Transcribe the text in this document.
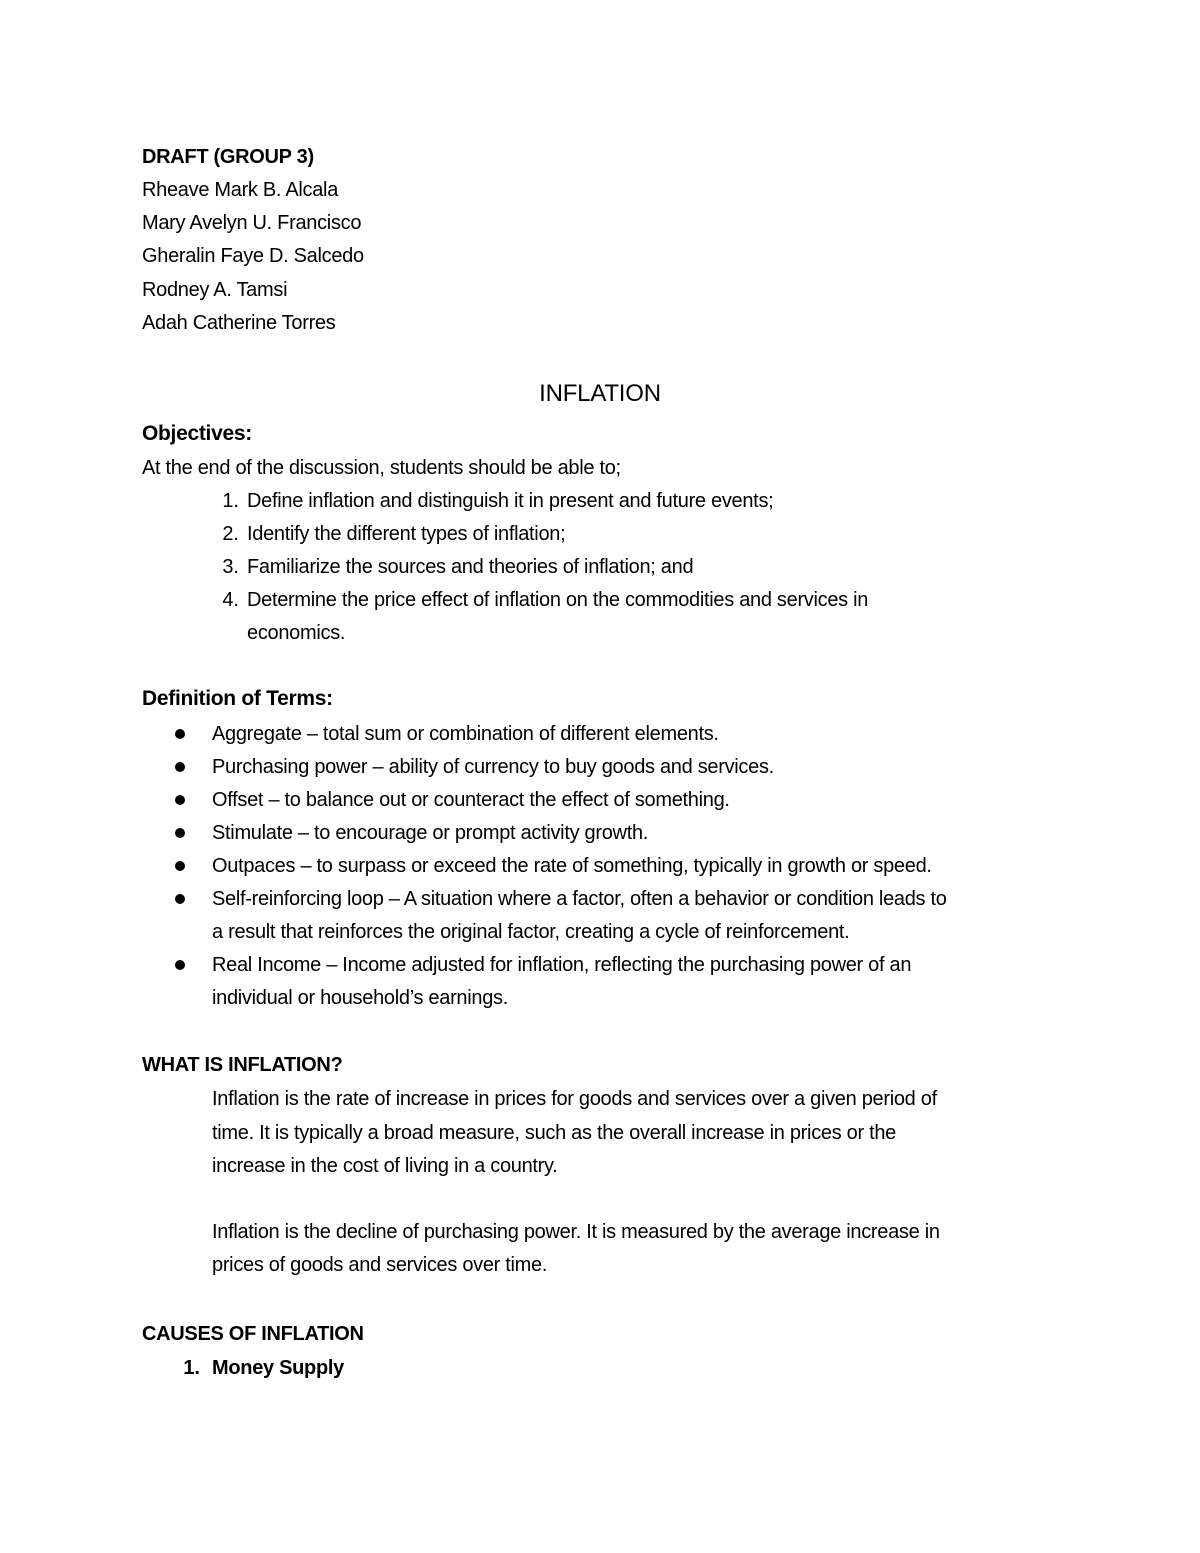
DRAFT (GROUP 3)
Rheave Mark B. Alcala
Mary Avelyn U. Francisco
Gheralin Faye D. Salcedo
Rodney A. Tamsi
Adah Catherine Torres
INFLATION
Objectives:
At the end of the discussion, students should be able to;
1. Define inflation and distinguish it in present and future events;
2. Identify the different types of inflation;
3. Familiarize the sources and theories of inflation; and
4. Determine the price effect of inflation on the commodities and services in
economics.
Definition of Terms:
Aggregate – total sum or combination of different elements.
Purchasing power – ability of currency to buy goods and services.
Offset – to balance out or counteract the effect of something.
Stimulate – to encourage or prompt activity growth.
Outpaces – to surpass or exceed the rate of something, typically in growth or speed.
Self-reinforcing loop – A situation where a factor, often a behavior or condition leads to
a result that reinforces the original factor, creating a cycle of reinforcement.
Real Income – Income adjusted for inflation, reflecting the purchasing power of an
individual or household’s earnings.
WHAT IS INFLATION?
Inflation is the rate of increase in prices for goods and services over a given period of
time. It is typically a broad measure, such as the overall increase in prices or the
increase in the cost of living in a country.
Inflation is the decline of purchasing power. It is measured by the average increase in
prices of goods and services over time.
CAUSES OF INFLATION
1. Money Supply
